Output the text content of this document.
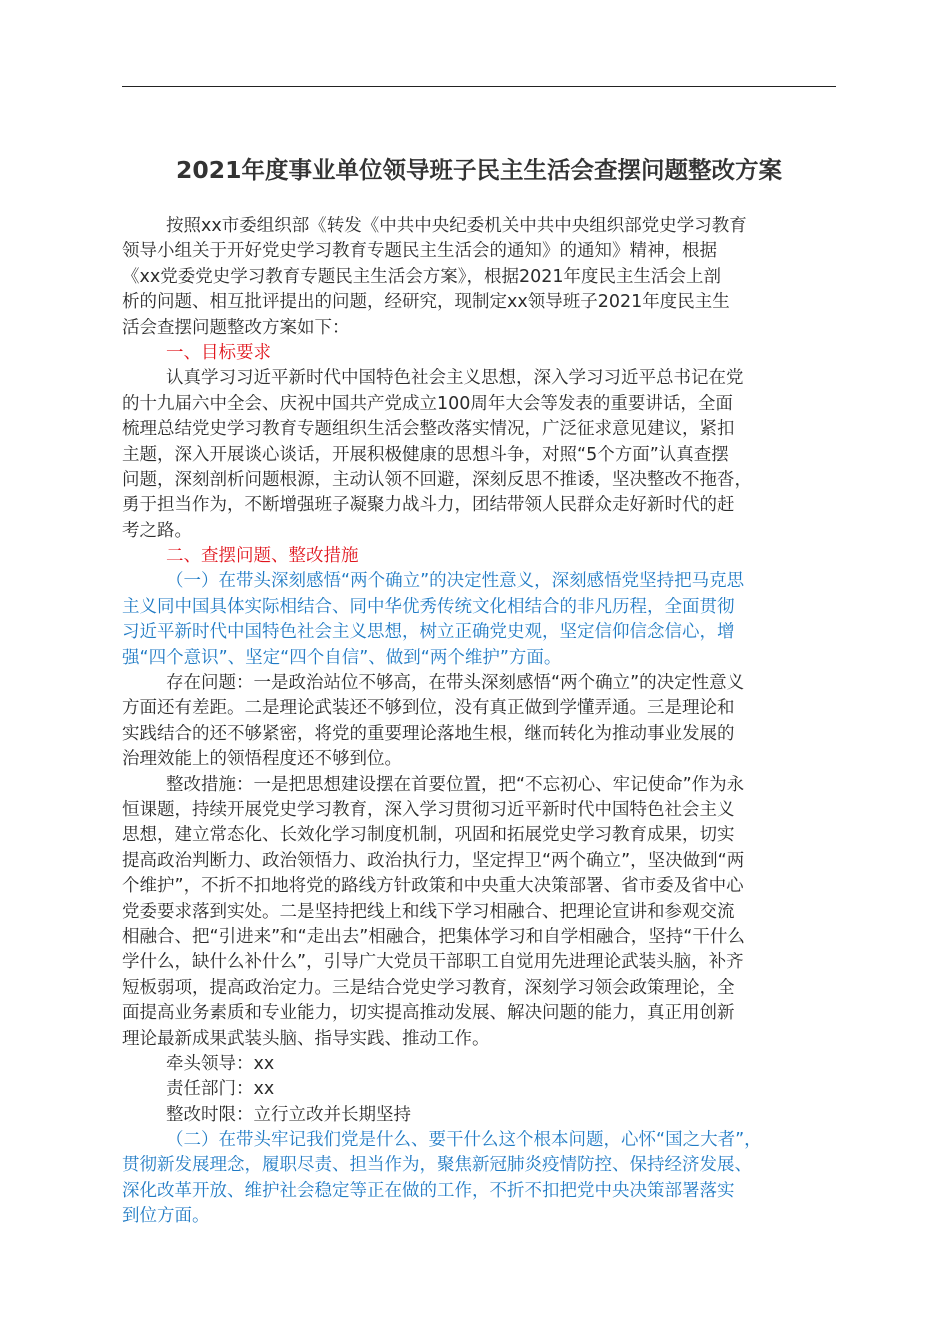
2021年度事业单位领导班子民主生活会查摆问题整改方案
按照xx市委组织部《转发《中共中央纪委机关中共中央组织部党史学习教育
领导小组关于开好党史学习教育专题民主生活会的通知》的通知》精神，根据
《xx党委党史学习教育专题民主生活会方案》，根据2021年度民主生活会上剖
析的问题、相互批评提出的问题，经研究，现制定xx领导班子2021年度民主生
活会查摆问题整改方案如下：
一、目标要求
认真学习习近平新时代中国特色社会主义思想，深入学习习近平总书记在党
的十九届六中全会、庆祝中国共产党成立100周年大会等发表的重要讲话，全面
梳理总结党史学习教育专题组织生活会整改落实情况，广泛征求意见建议，紧扣
主题，深入开展谈心谈话，开展积极健康的思想斗争，对照“5个方面”认真查摆
问题，深刻剖析问题根源，主动认领不回避，深刻反思不推诿，坚决整改不拖沓，
勇于担当作为，不断增强班子凝聚力战斗力，团结带领人民群众走好新时代的赶
考之路。
二、查摆问题、整改措施
（一）在带头深刻感悟“两个确立”的决定性意义，深刻感悟党坚持把马克思
主义同中国具体实际相结合、同中华优秀传统文化相结合的非凡历程，全面贯彻
习近平新时代中国特色社会主义思想，树立正确党史观，坚定信仰信念信心，增
强“四个意识”、坚定“四个自信”、做到“两个维护”方面。
存在问题：一是政治站位不够高，在带头深刻感悟“两个确立”的决定性意义
方面还有差距。二是理论武装还不够到位，没有真正做到学懂弄通。三是理论和
实践结合的还不够紧密，将党的重要理论落地生根，继而转化为推动事业发展的
治理效能上的领悟程度还不够到位。
整改措施：一是把思想建设摆在首要位置，把“不忘初心、牢记使命”作为永
恒课题，持续开展党史学习教育，深入学习贯彻习近平新时代中国特色社会主义
思想，建立常态化、长效化学习制度机制，巩固和拓展党史学习教育成果，切实
提高政治判断力、政治领悟力、政治执行力，坚定捍卫“两个确立”，坚决做到“两
个维护”，不折不扣地将党的路线方针政策和中央重大决策部署、省市委及省中心
党委要求落到实处。二是坚持把线上和线下学习相融合、把理论宣讲和参观交流
相融合、把“引进来”和“走出去”相融合，把集体学习和自学相融合，坚持“干什么
学什么，缺什么补什么”，引导广大党员干部职工自觉用先进理论武装头脑，补齐
短板弱项，提高政治定力。三是结合党史学习教育，深刻学习领会政策理论，全
面提高业务素质和专业能力，切实提高推动发展、解决问题的能力，真正用创新
理论最新成果武装头脑、指导实践、推动工作。
牵头领导：xx
责任部门：xx
整改时限：立行立改并长期坚持
（二）在带头牢记我们党是什么、要干什么这个根本问题，心怀“国之大者”，
贯彻新发展理念，履职尽责、担当作为，聚焦新冠肺炎疫情防控、保持经济发展、
深化改革开放、维护社会稳定等正在做的工作，不折不扣把党中央决策部署落实
到位方面。
